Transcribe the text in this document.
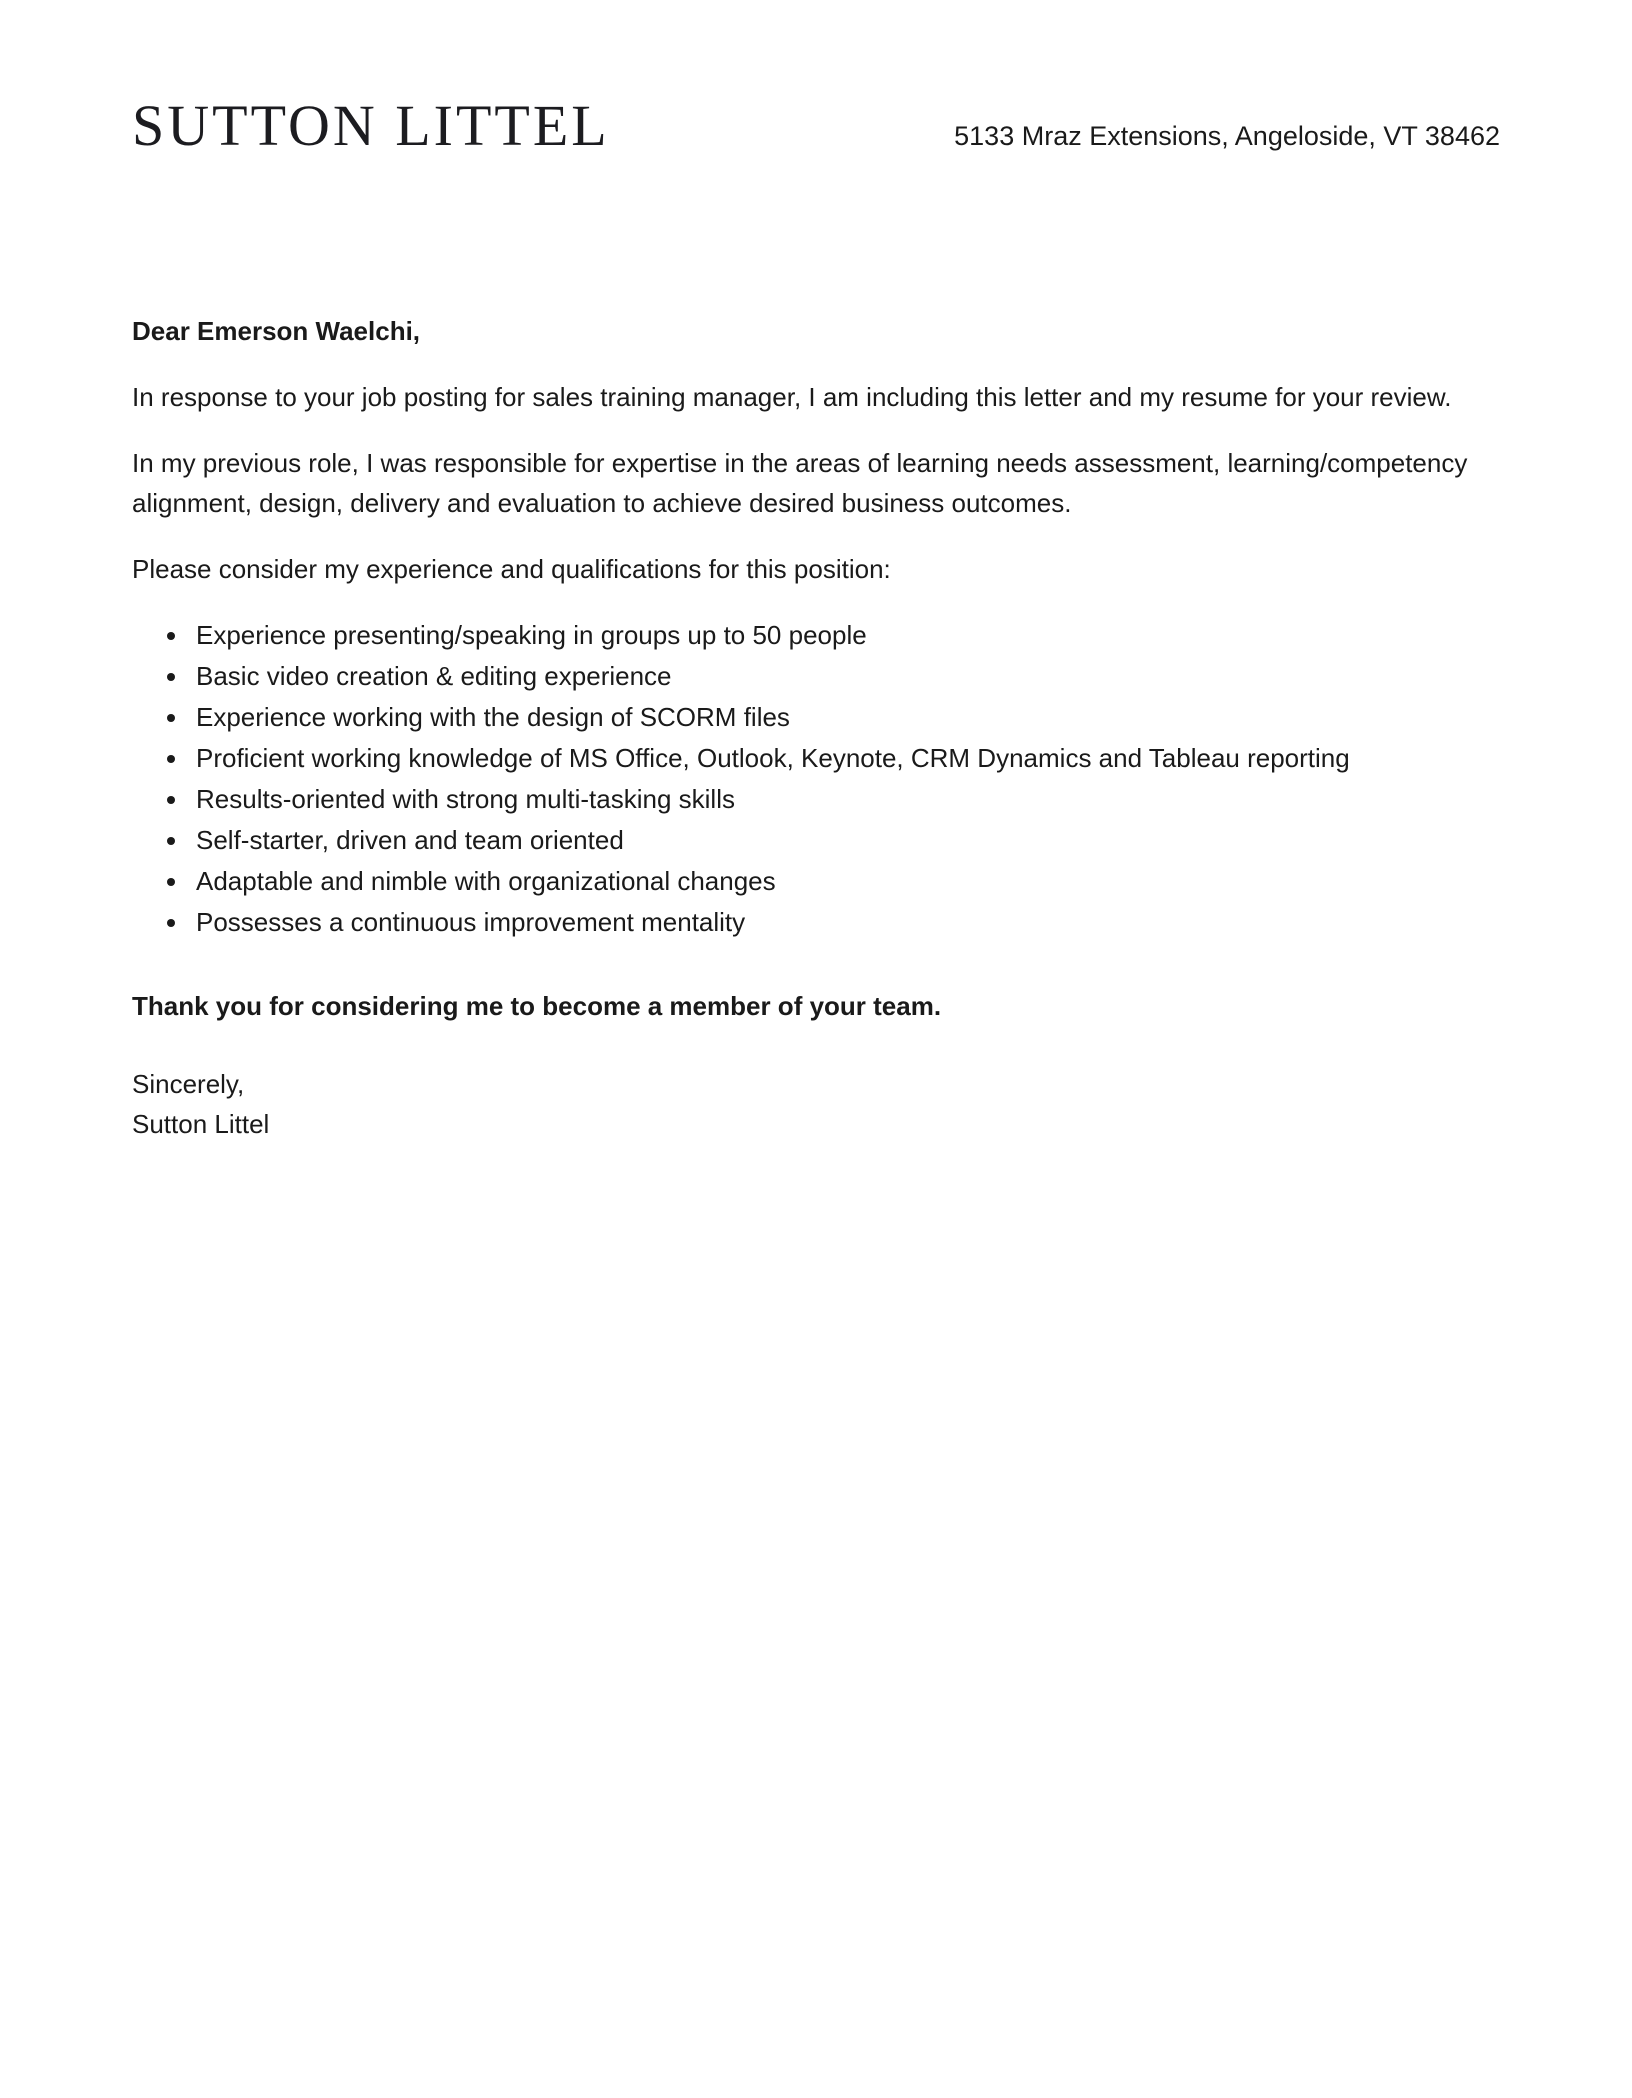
SUTTON LITTEL	5133 Mraz Extensions, Angeloside, VT 38462

Dear Emerson Waelchi,

In response to your job posting for sales training manager, I am including this letter and my resume for your review.

In my previous role, I was responsible for expertise in the areas of learning needs assessment, learning/competency alignment, design, delivery and evaluation to achieve desired business outcomes.

Please consider my experience and qualifications for this position:

• Experience presenting/speaking in groups up to 50 people
• Basic video creation & editing experience
• Experience working with the design of SCORM files
• Proficient working knowledge of MS Office, Outlook, Keynote, CRM Dynamics and Tableau reporting
• Results-oriented with strong multi-tasking skills
• Self-starter, driven and team oriented
• Adaptable and nimble with organizational changes
• Possesses a continuous improvement mentality

Thank you for considering me to become a member of your team.

Sincerely,
Sutton Littel
